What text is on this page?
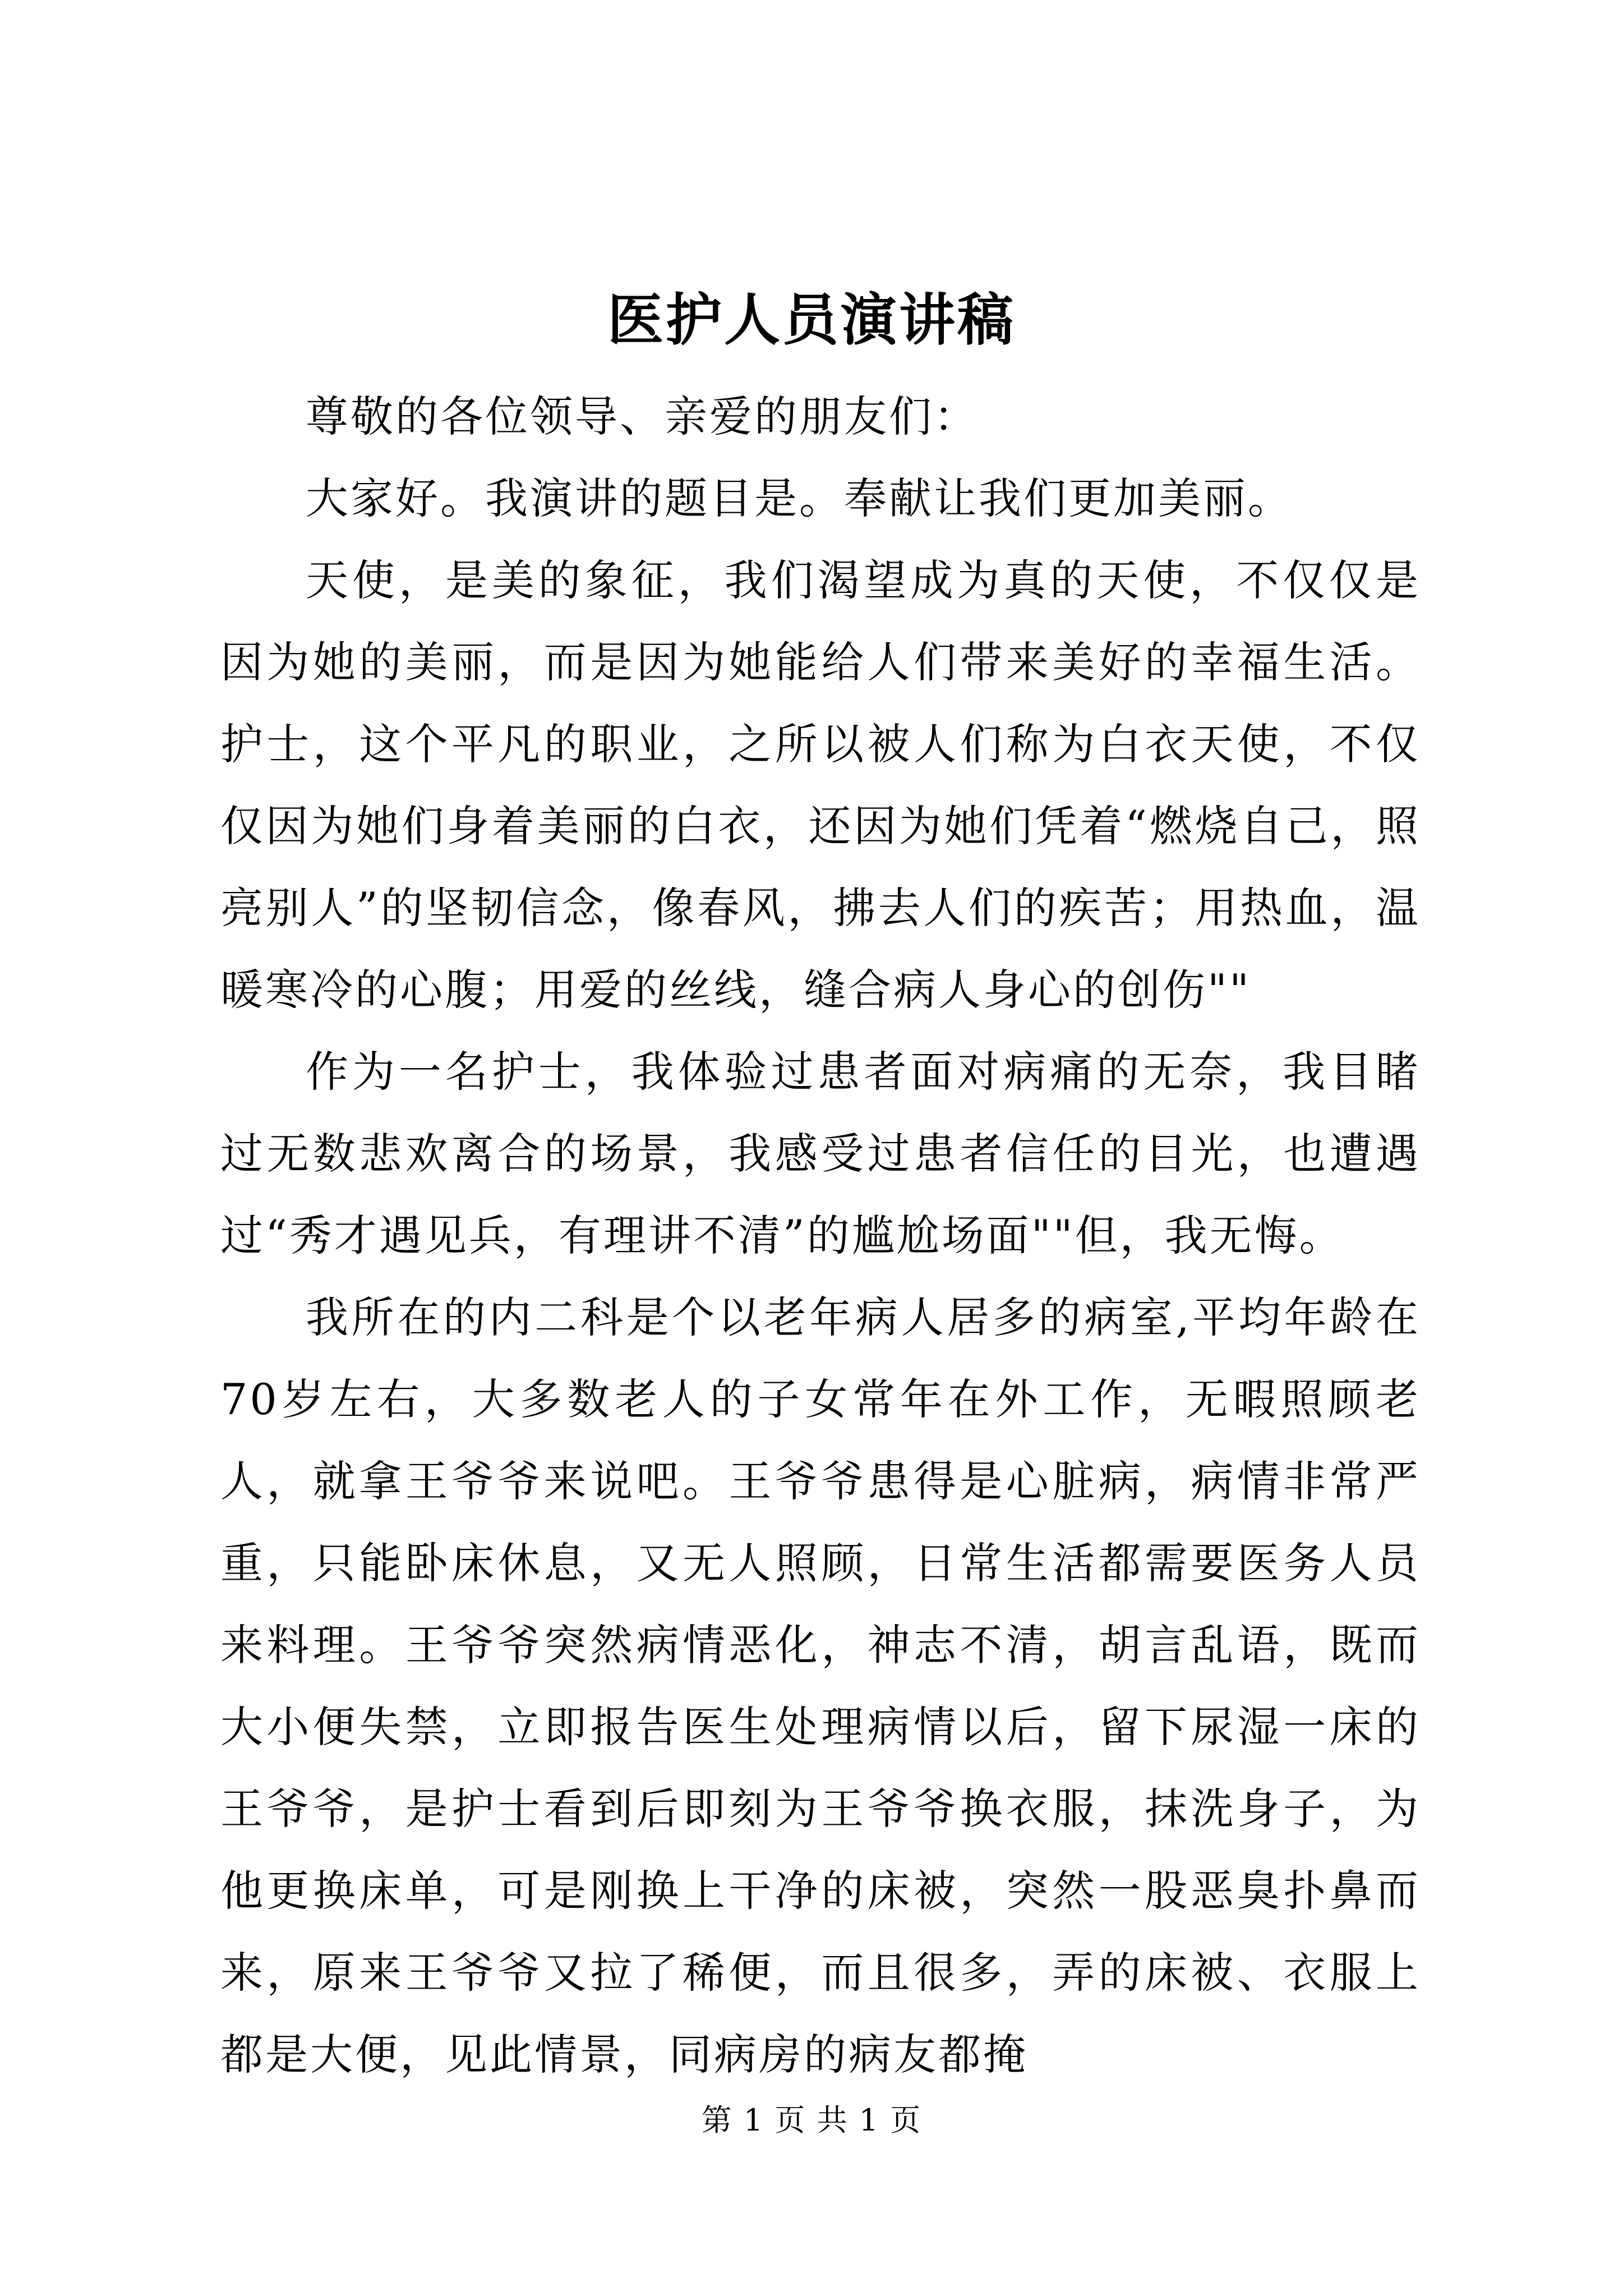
医护人员演讲稿

尊敬的各位领导、亲爱的朋友们：

大家好。我演讲的题目是。奉献让我们更加美丽。

天使，是美的象征，我们渴望成为真的天使，不仅仅是因为她的美丽，而是因为她能给人们带来美好的幸福生活。护士，这个平凡的职业，之所以被人们称为白衣天使，不仅仅因为她们身着美丽的白衣，还因为她们凭着“燃烧自己，照亮别人”的坚韧信念，像春风，拂去人们的疾苦；用热血，温暖寒冷的心腹；用爱的丝线，缝合病人身心的创伤""

作为一名护士，我体验过患者面对病痛的无奈，我目睹过无数悲欢离合的场景，我感受过患者信任的目光，也遭遇过“秀才遇见兵，有理讲不清”的尴尬场面""但，我无悔。

我所在的内二科是个以老年病人居多的病室,平均年龄在70岁左右，大多数老人的子女常年在外工作，无暇照顾老人，就拿王爷爷来说吧。王爷爷患得是心脏病，病情非常严重，只能卧床休息，又无人照顾，日常生活都需要医务人员来料理。王爷爷突然病情恶化，神志不清，胡言乱语，既而大小便失禁，立即报告医生处理病情以后，留下尿湿一床的王爷爷，是护士看到后即刻为王爷爷换衣服，抹洗身子，为他更换床单，可是刚换上干净的床被，突然一股恶臭扑鼻而来，原来王爷爷又拉了稀便，而且很多，弄的床被、衣服上都是大便，见此情景，同病房的病友都掩

第 1 页 共 1 页
